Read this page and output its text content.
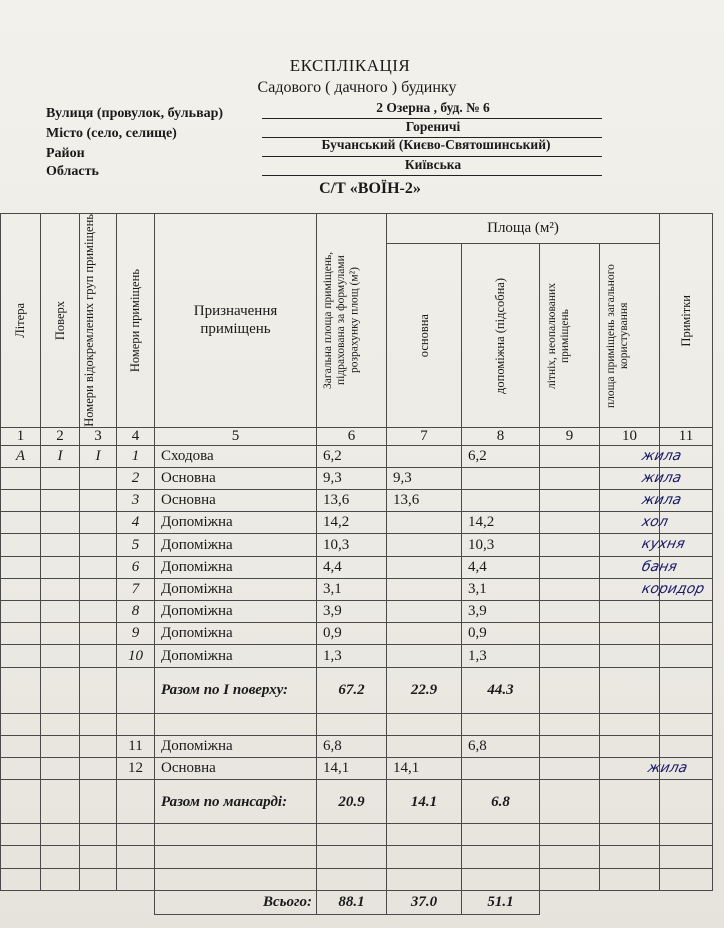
ЕКСПЛІКАЦІЯ
Садового ( дачного ) будинку
Вулиця (провулок, бульвар)	2 Озерна , буд. № 6
Місто (село, селище)	Гореничі
Район
Бучанський (Києво-Святошинський)
Область	Київська
С/Т «ВОЇН-2»
Літера	Поверх	Номери відокремлених груп приміщень	Номери приміщень	Призначення приміщень	Загальна площа приміщень, підрахована за формулами розрахунку площ (м²)	Площа (м²)				Примітки

						основна	допоміжна (підсобна)	літніх, неопалюваних приміщень	площа приміщень загального користування	

1	2	3	4	5	6	7	8	9	10	11
А	I	I	1	Сходова	6,2		6,2			жила

			2	Основна	9,3	9,3				жила

			3	Основна	13,6	13,6				жила

			4	Допоміжна	14,2		14,2			хол

			5	Допоміжна	10,3		10,3			кухня

			6	Допоміжна	4,4		4,4			баня

			7	Допоміжна	3,1		3,1			коридор

			8	Допоміжна	3,9		3,9			

			9	Допоміжна	0,9		0,9			

			10	Допоміжна	1,3		1,3			

				Разом по I поверху:	67.2	22.9	44.3			

			11	Допоміжна	6,8		6,8			

			12	Основна	14,1	14,1				жила

				Разом по мансарді:	20.9	14.1	6.8			

				Всього:	88.1	37.0	51.1			
